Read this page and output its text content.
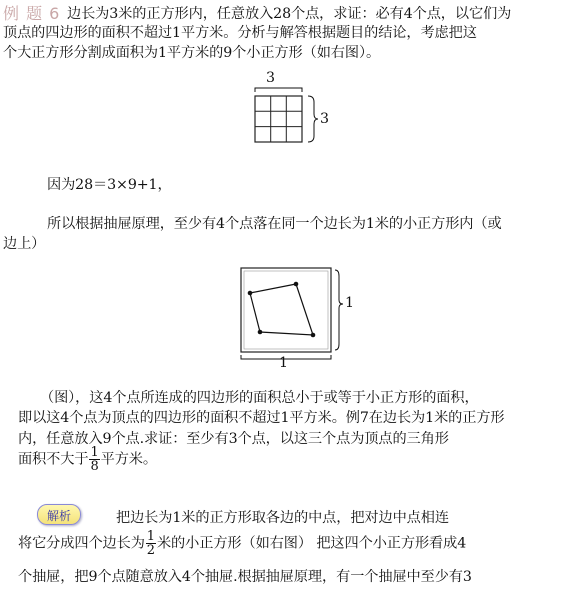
例 题 6 边长为3米的正方形内，任意放入28个点，求证：必有4个点，以它们为
顶点的四边形的面积不超过1平方米。分析与解答根据题目的结论，考虑把这
个大正方形分割成面积为1平方米的9个小正方形（如右图）。
3
3
因为28＝3×9+1，
所以根据抽屉原理，至少有4个点落在同一个边长为1米的小正方形内（或
边上）
1
1
（图），这4个点所连成的四边形的面积总小于或等于小正方形的面积，
即以这4个点为顶点的四边形的面积不超过1平方米。例7在边长为1米的正方形
内，任意放入9个点.求证：至少有3个点，以这三个点为顶点的三角形
面积不大于 $\frac{1}{8}$ 平方米。
解析	把边长为1米的正方形取各边的中点，把对边中点相连
将它分成四个边长为 $\frac{1}{2}$ 米的小正方形（如右图） 把这四个小正方形看成4
个抽屉，把9个点随意放入4个抽屉.根据抽屉原理，有一个抽屉中至少有3
